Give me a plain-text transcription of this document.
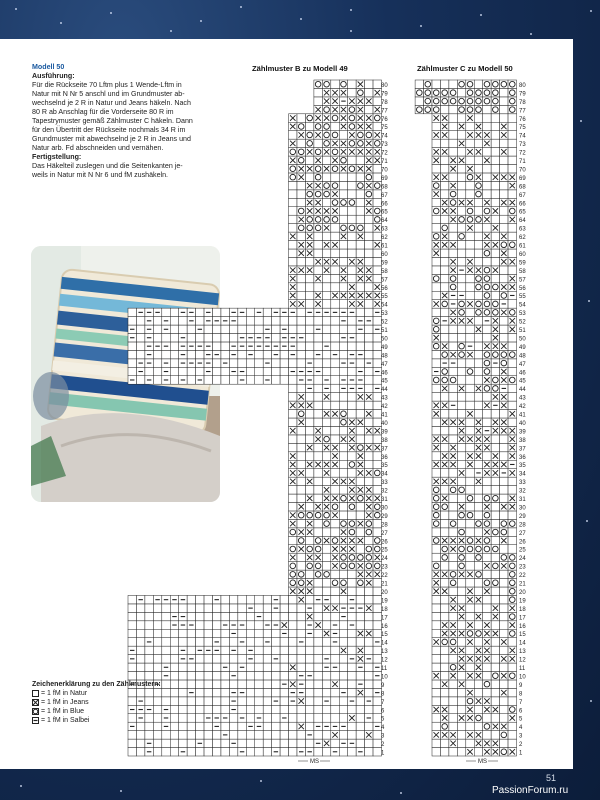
Modell 50
Ausführung:
Für die Rückseite 70 Lftm plus 1 Wende-Lftm in
Natur mit N Nr 5 anschl und im Grundmuster ab-
wechselnd je 2 R in Natur und Jeans häkeln. Nach
80 R ab Anschlag für die Vorderseite 80 R im
Tapestrymuster gemäß Zählmuster C häkeln. Dann
für den Übertritt der Rückseite nochmals 34 R im
Grundmuster mit abwechselnd je 2 R in Jeans und
Natur arb. Fd abschneiden und vernähen.
Fertigstellung:
Das Häkelteil zuslegen und die Seitenkanten je-
weils in Natur mit N Nr 6 und fM zushäkeln.
Zählmuster B zu Modell 49	Zählmuster C zu Modell 50
1
2
3
4
5
6
7
8
9
10
11
12
13
14
15
16
17
18
19
20
21
22
23
24
25
26
27
28
29
30
31
32
33
34
35
36
37
38
39
40
41
42
43
44
45
46
47
48
49
50
51
52
53
54
55
56
57
58
59
60
61
62
63
64
65
66
67
68
69
70
71
72
73
74
75
76
77
78
79
80
MS
1
2
3
4
5
6
7
8
9
10
11
12
13
14
15
16
17
18
19
20
21
22
23
24
25
26
27
28
29
30
31
32
33
34
35
36
37
38
39
40
41
42
43
44
45
46
47
48
49
50
51
52
53
54
55
56
57
58
59
60
61
62
63
64
65
66
67
68
69
70
71
72
73
74
75
76
77
78
79
80
MS
Zeichenerklärung zu den Zählmustern:
= 1 fM in Natur
= 1 fM in Jeans
= 1 fM in Blue
= 1 fM in Salbei
51
PassionForum.ru
